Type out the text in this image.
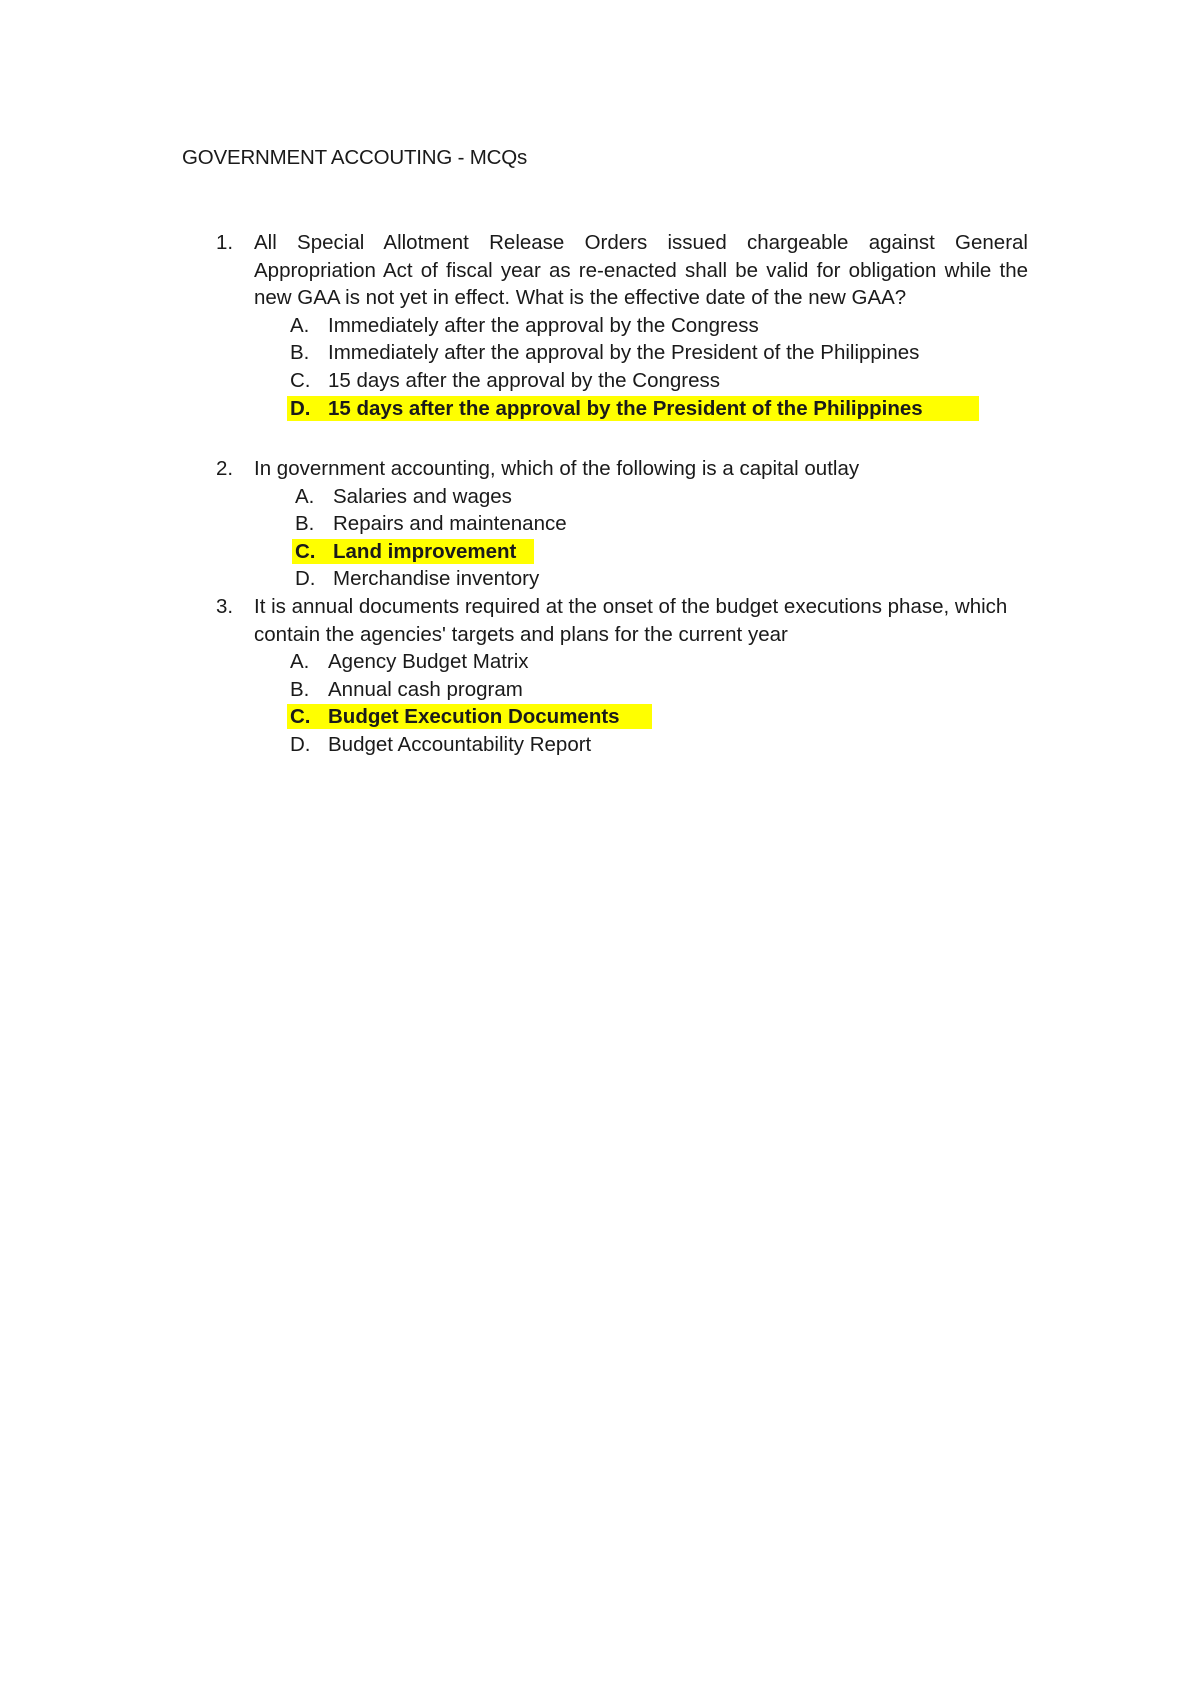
GOVERNMENT ACCOUTING - MCQs
1.	All Special Allotment Release Orders issued chargeable against General Appropriation Act of fiscal year as re-enacted shall be valid for obligation while the new GAA is not yet in effect. What is the effective date of the new GAA?
A. Immediately after the approval by the Congress
B. Immediately after the approval by the President of the Philippines
C. 15 days after the approval by the Congress
D. 15 days after the approval by the President of the Philippines
2.	In government accounting, which of the following is a capital outlay
A. Salaries and wages
B. Repairs and maintenance
C. Land improvement
D. Merchandise inventory
3.	It is annual documents required at the onset of the budget executions phase, which contain the agencies' targets and plans for the current year
A. Agency Budget Matrix
B. Annual cash program
C. Budget Execution Documents
D. Budget Accountability Report
